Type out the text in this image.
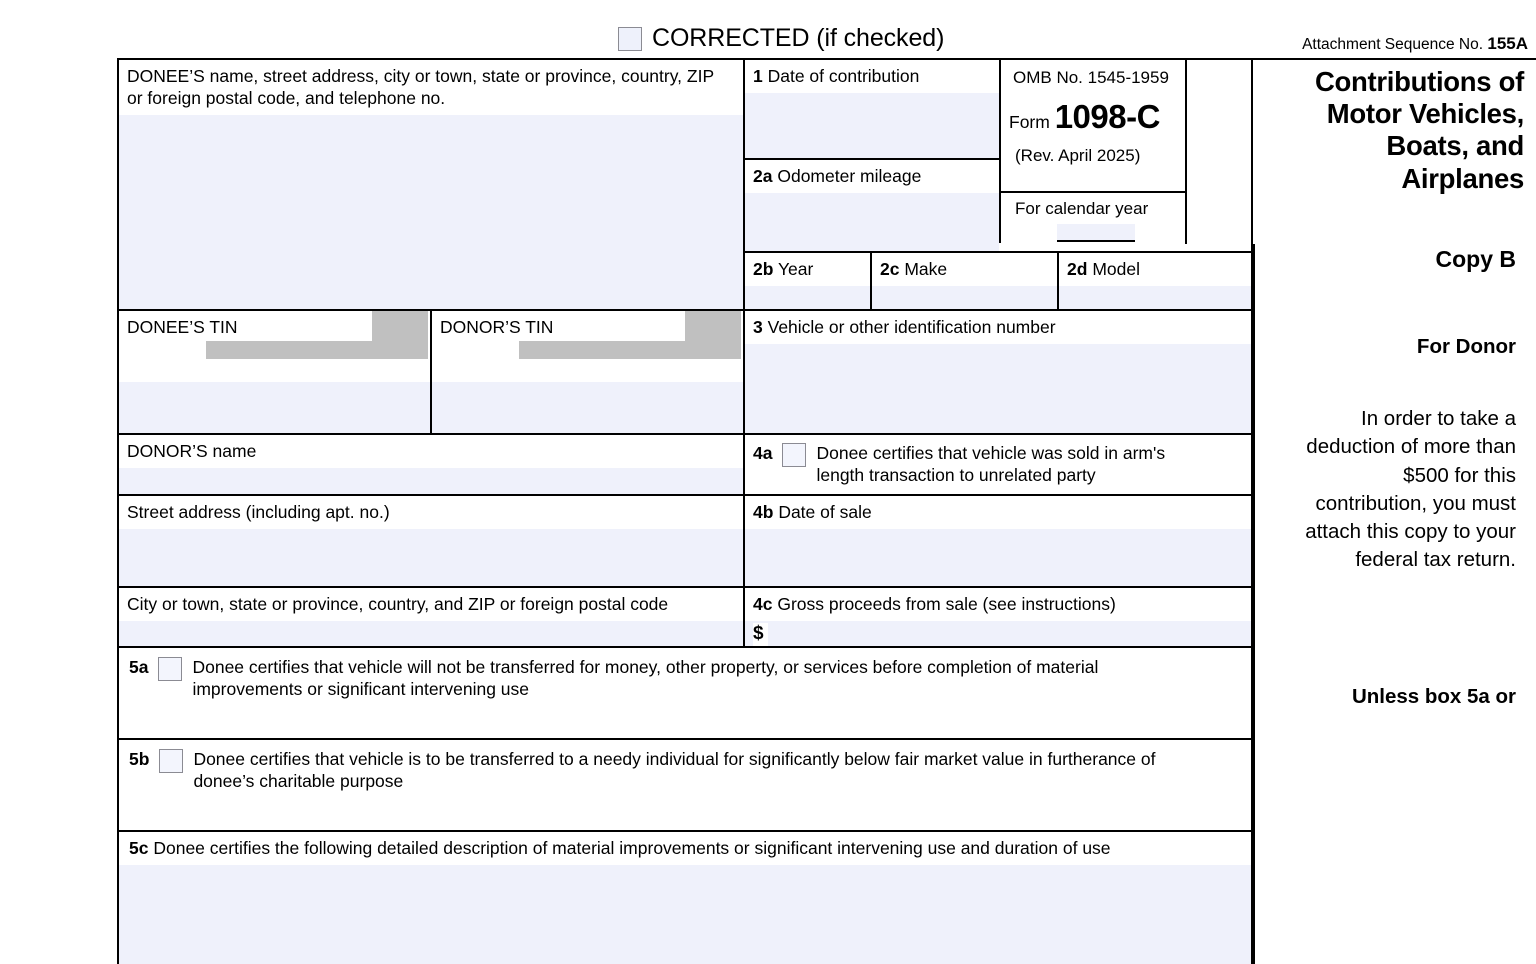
CORRECTED (if checked)	Attachment Sequence No. 155A
Contributions of
Motor Vehicles,
Boats, and
Airplanes
Copy B
For Donor
In order to take a deduction of more than $500 for this contribution, you must attach this copy to your federal tax return.
Unless box 5a or
DONEE’S name, street address, city or town, state or province, country, ZIP
or foreign postal code, and telephone no.
1 Date of contribution
2a Odometer mileage
OMB No. 1545-1959
Form 1098-C
(Rev. April 2025)
For calendar year
2b Year	2c Make	2d Model
DONEE’S TIN	DONOR’S TIN	3 Vehicle or other identification number
DONOR’S name	4a	Donee certifies that vehicle was sold in arm's
length transaction to unrelated party
Street address (including apt. no.)	4b Date of sale
City or town, state or province, country, and ZIP or foreign postal code	4c Gross proceeds from sale (see instructions)
$
5a	Donee certifies that vehicle will not be transferred for money, other property, or services before completion of material
improvements or significant intervening use
5b	Donee certifies that vehicle is to be transferred to a needy individual for significantly below fair market value in furtherance of
donee’s charitable purpose
5c Donee certifies the following detailed description of material improvements or significant intervening use and duration of use
